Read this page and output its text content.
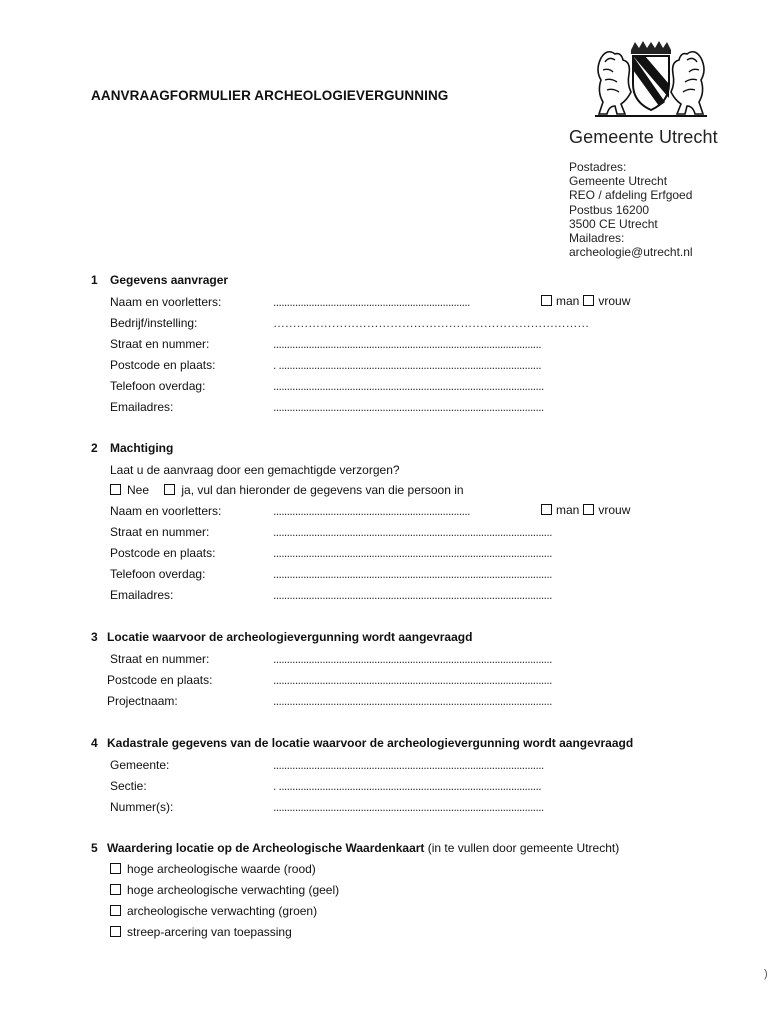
AANVRAAGFORMULIER ARCHEOLOGIEVERGUNNING
Gemeente Utrecht
Postadres:
Gemeente Utrecht
REO / afdeling Erfgoed
Postbus 16200
3500 CE Utrecht
Mailadres:
archeologie@utrecht.nl
1 Gegevens aanvrager
Naam en voorletters:	........................................................................	man vrouw
Bedrijf/instelling:	………………………………………………………………………
Straat en nummer:	..................................................................................................
Postcode en plaats:	. ................................................................................................
Telefoon overdag:	...................................................................................................
Emailadres:	...................................................................................................
2 Machtiging
Laat u de aanvraag door een gemachtigde verzorgen?
Nee	ja, vul dan hieronder de gegevens van die persoon in
Naam en voorletters:	........................................................................	man vrouw
Straat en nummer:	......................................................................................................
Postcode en plaats:	......................................................................................................
Telefoon overdag:	......................................................................................................
Emailadres:	......................................................................................................
3 Locatie waarvoor de archeologievergunning wordt aangevraagd
Straat en nummer:	......................................................................................................
Postcode en plaats:	......................................................................................................
Projectnaam:	......................................................................................................
4 Kadastrale gegevens van de locatie waarvoor de archeologievergunning wordt aangevraagd
Gemeente:	...................................................................................................
Sectie:	. ................................................................................................
Nummer(s):	...................................................................................................
5 Waardering locatie op de Archeologische Waardenkaart (in te vullen door gemeente Utrecht)
hoge archeologische waarde (rood)
hoge archeologische verwachting (geel)
archeologische verwachting (groen)
streep-arcering van toepassing
)
